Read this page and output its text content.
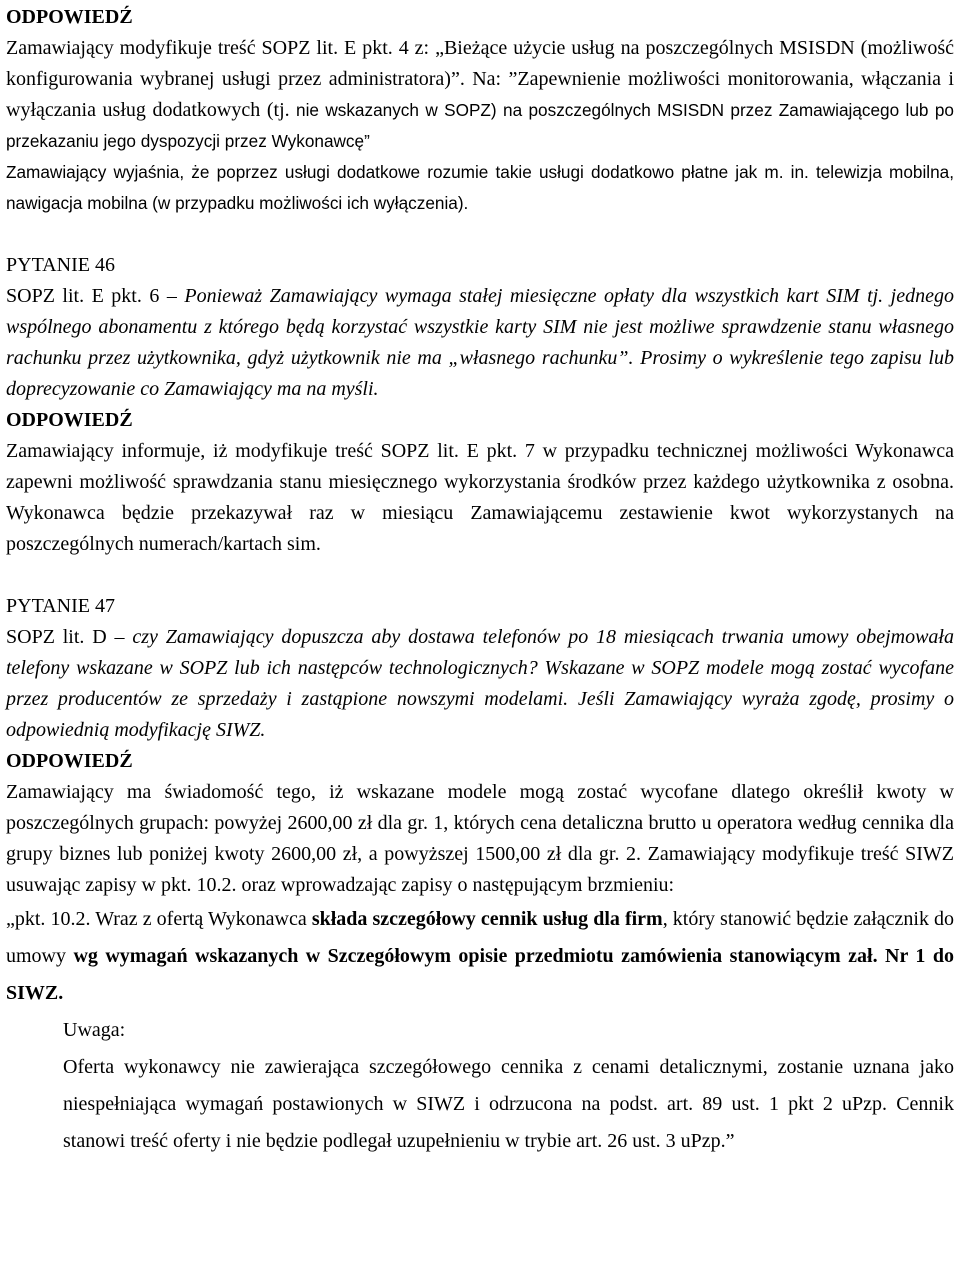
ODPOWIEDŹ

Zamawiający modyfikuje treść SOPZ lit. E pkt. 4 z: „Bieżące użycie usług na poszczególnych MSISDN (możliwość konfigurowania wybranej usługi przez administratora)”. Na: ”Zapewnienie możliwości monitorowania, włączania i wyłączania usług dodatkowych (tj. nie wskazanych w SOPZ) na poszczególnych MSISDN przez Zamawiającego lub po przekazaniu jego dyspozycji przez Wykonawcę”

Zamawiający wyjaśnia, że poprzez usługi dodatkowe rozumie takie usługi dodatkowo płatne jak m. in. telewizja mobilna, nawigacja mobilna (w przypadku możliwości ich wyłączenia).

PYTANIE 46

SOPZ lit. E pkt. 6 – Ponieważ Zamawiający wymaga stałej miesięczne opłaty dla wszystkich kart SIM tj. jednego wspólnego abonamentu z którego będą korzystać wszystkie karty SIM nie jest możliwe sprawdzenie stanu własnego rachunku przez użytkownika, gdyż użytkownik nie ma „własnego rachunku”. Prosimy o wykreślenie tego zapisu lub doprecyzowanie co Zamawiający ma na myśli.

ODPOWIEDŹ

Zamawiający informuje, iż modyfikuje treść SOPZ lit. E pkt. 7 w przypadku technicznej możliwości Wykonawca zapewni możliwość sprawdzania stanu miesięcznego wykorzystania środków przez każdego użytkownika z osobna. Wykonawca będzie przekazywał raz w miesiącu Zamawiającemu zestawienie kwot wykorzystanych na poszczególnych numerach/kartach sim.

PYTANIE 47

SOPZ lit. D – czy Zamawiający dopuszcza aby dostawa telefonów po 18 miesiącach trwania umowy obejmowała telefony wskazane w SOPZ lub ich następców technologicznych? Wskazane w SOPZ modele mogą zostać wycofane przez producentów ze sprzedaży i zastąpione nowszymi modelami. Jeśli Zamawiający wyraża zgodę, prosimy o odpowiednią modyfikację SIWZ.

ODPOWIEDŹ

Zamawiający ma świadomość tego, iż wskazane modele mogą zostać wycofane dlatego określił kwoty w poszczególnych grupach: powyżej 2600,00 zł dla gr. 1, których cena detaliczna brutto u operatora według cennika dla grupy biznes lub poniżej kwoty 2600,00 zł, a powyższej 1500,00 zł dla gr. 2. Zamawiający modyfikuje treść SIWZ usuwając zapisy w pkt. 10.2. oraz wprowadzając zapisy o następującym brzmieniu:

„pkt. 10.2. Wraz z ofertą Wykonawca składa szczegółowy cennik usług dla firm, który stanowić będzie załącznik do umowy wg wymagań wskazanych w Szczegółowym opisie przedmiotu zamówienia stanowiącym zał. Nr 1 do SIWZ.

Uwaga:

Oferta wykonawcy nie zawierająca szczegółowego cennika z cenami detalicznymi, zostanie uznana jako niespełniająca wymagań postawionych w SIWZ i odrzucona na podst. art. 89 ust. 1 pkt 2 uPzp. Cennik stanowi treść oferty i nie będzie podlegał uzupełnieniu w trybie art. 26 ust. 3 uPzp.”
